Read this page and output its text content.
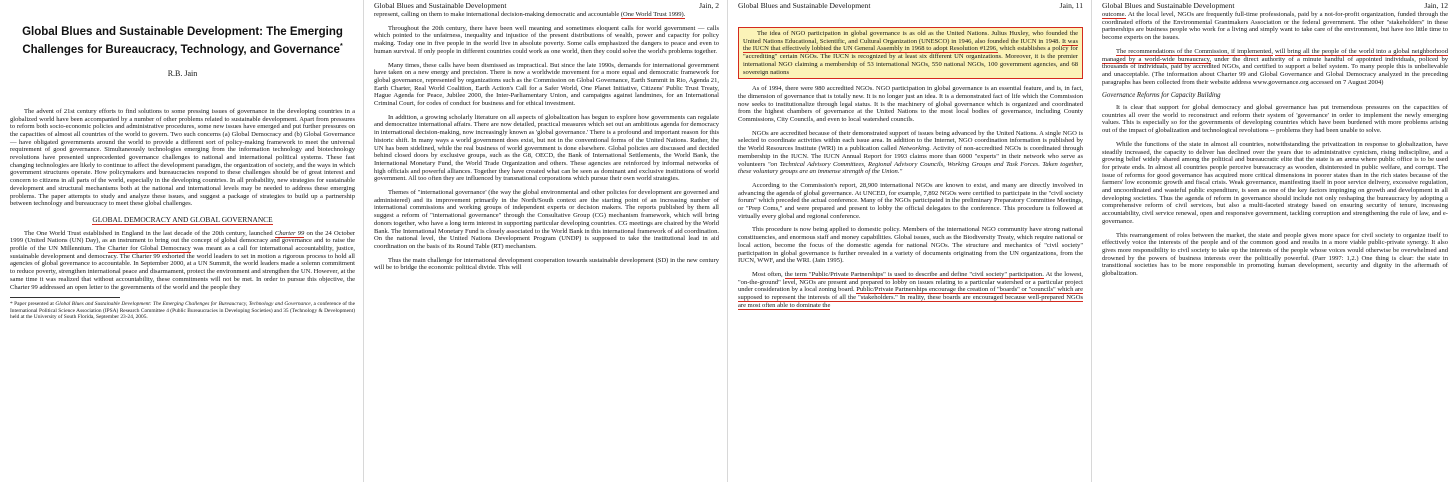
Global Blues and Sustainable Development: The Emerging Challenges for Bureaucracy, Technology, and Governance*
R.B. Jain

The advent of 21st century efforts to find solutions to some pressing issues of governance in the developing countries in a globalized world have been accompanied by a number of other problems related to sustainable development. Apart from pressures to reform both socio-economic policies and administrative procedures, some new issues have emerged and put further pressures on the capacities of almost all countries of the world to govern. Two such concerns (a) Global Democracy and (b) Global Governance — have obligated governments around the world to provide a different sort of policy-making framework to meet the universal requirement of good governance. Simultaneously technologies emerging from the information technology and biotechnology revolutions have presented unprecedented governance challenges to national and international political systems. These fast changing technologies are likely to continue to affect the development paradigm, the organization of society, and the ways in which government structures operate. How policymakers and bureaucracies respond to these challenges should be of great interest and concern to citizens in all parts of the world, especially in the developing countries. In all probability, new strategies for sustainable development and structural mechanisms both at the national and international levels may be needed to address these emerging problems. The paper attempts to study and analyze these issues, and suggest a package of strategies to build up a partnership between technology and bureaucracy to meet these global challenges.

GLOBAL DEMOCRACY AND GLOBAL GOVERNANCE

The One World Trust established in England in the last decade of the 20th century, launched Charter 99 on the 24 October 1999 (United Nations (UN) Day), as an instrument to bring out the concept of global democracy and governance and to raise the profile of the UN Millennium. The Charter for Global Democracy was meant as a call for international accountability, justice, sustainable development and democracy. The Charter 99 exhorted the world leaders to set in motion a rigorous process to hold all agencies of global governance to accountable. In September 2000, at a UN Summit, the world leaders made a solemn commitment to reduce poverty, strengthen international peace and disarmament, protect the environment and strengthen the UN. However, at the same time it was realized that without accountability, these commitments will not be met. In order to pursue this objective, the Charter 99 addressed an open letter to the governments of the world and the people they

* Paper presented at Global Blues and Sustainable Development: The Emerging Challenges for Bureaucracy, Technology and Governance, a conference of the International Political Science Association (IPSA) Research Committee 4 (Public Bureaucracies in Developing Societies) and 35 (Technology & Development) held at the University of South Florida, September 23-24, 2005.
Global Blues and Sustainable Development	Jain, 2

represent, calling on them to make international decision-making democratic and accountable (One World Trust 1999).

Throughout the 20th century, there have been well meaning and sometimes eloquent calls for world government — calls which pointed to the unfairness, inequality and injustice of the present distributions of wealth, power and capacity for policy making. Today one in five people in the world live in absolute poverty. Some calls emphasized the dangers to peace and even to human survival. If only people in different countries could work as one world, then they could solve the world's problems together.

Many times, these calls have been dismissed as impractical. But since the late 1990s, demands for international government have taken on a new energy and precision. There is now a worldwide movement for a more equal and democratic framework for global governance, represented by organizations such as the Commission on Global Governance, Earth Summit in Rio, Agenda 21, Earth Charter, Real World Coalition, Earth Action's Call for a Safer World, One Planet Initiative, Citizens' Public Trust Treaty, Hague Agenda for Peace, Jubilee 2000, the Inter-Parliamentary Union, and campaigns against landmines, for an International Criminal Court, for codes of conduct for business and for ethical investment.

In addition, a growing scholarly literature on all aspects of globalization has begun to explore how governments can regulate and democratize international affairs. There are now detailed, practical measures which set out an ambitious agenda for democracy in international decision-making, now increasingly known as 'global governance.' There is a profound and important reason for this historic shift. In many ways a world government does exist, but not in the conventional forms of the United Nations. Rather, the UN has been sidelined, while the real business of world government is done elsewhere. Global policies are discussed and decided behind closed doors by exclusive groups, such as the G8, OECD, the Bank of International Settlements, the World Bank, the International Monetary Fund, the World Trade Organization and others. These agencies are reinforced by informal networks of high officials and powerful alliances. Together they have created what can be seen as dominant and exclusive institutions of world government. All too often they are influenced by transnational corporations which pursue their own world strategies.

Themes of "international governance' (the way the global environmental and other policies for development are governed and administered) and its improvement primarily in the North/South context are the starting point of an increasing number of international commissions and working groups of independent experts or decision makers. The reports published by them all suggest a reform of "international governance" through the Consultative Group (CG) mechanism framework, which will bring donors together, who have a long term interest in supporting particular developing countries. CG meetings are chaired by the World Bank. The International Monetary Fund is closely associated to the World Bank in this international framework of aid coordination. On the national level, the United Nations Development Program (UNDP) is supposed to take the institutional lead in aid coordination on the basis of its Round Table (RT) mechanism.

Thus the main challenge for international development cooperation towards sustainable development (SD) in the new century will be to bridge the economic political divide. This will

Global Blues and Sustainable Development	Jain, 11

The idea of NGO participation in global governance is as old as the United Nations. Julius Huxley, who founded the United Nations Educational, Scientific, and Cultural Organization (UNESCO) in 1946, also founded the IUCN in 1948. It was the IUCN that effectively lobbied the UN General Assembly in 1968 to adopt Resolution #1296, which establishes a policy for "accrediting" certain NGOs. The IUCN is recognized by at least six different UN organizations. Moreover, it is the premier international NGO claiming a membership of 53 international NGOs, 550 national NGOs, 100 government agencies, and 68 sovereign nations

As of 1994, there were 980 accredited NGOs. NGO participation in global governance is an essential feature, and is, in fact, the dimension of governance that is totally new. It is no longer just an idea. It is a demonstrated fact of life which the Commission now seeks to institutionalize through legal status. It is the machinery of global governance which is organized and coordinated from the highest chambers of governance at the United Nations to the most local bodies of governance, including County Commissions, City Councils, and even to local watershed councils.

NGOs are accredited because of their demonstrated support of issues being advanced by the United Nations. A single NGO is selected to coordinate activities within each issue area. In addition to the Internet, NGO coordination information is published by the World Resources Institute (WRI) in a publication called Networking. Activity of non-accredited NGOs is coordinated through membership in the IUCN. The IUCN Annual Report for 1993 claims more than 6000 "experts" in their network who serve as volunteers "on Technical Advisory Committees, Regional Advisory Councils, Working Groups and Task Forces. Taken together, these voluntary groups are an immense strength of the Union."

According to the Commission's report, 28,900 international NGOs are known to exist, and many are directly involved in advancing the agenda of global governance. At UNCED, for example, 7,892 NGOs were certified to participate in the "civil society forum" which preceded the actual conference. Many of the NGOs participated in the preliminary Preparatory Committee Meetings, or "Prep Coms," and were prepared and present to lobby the official delegates to the conference. This procedure is followed at virtually every global and regional conference.

This procedure is now being applied to domestic policy. Members of the international NGO community have strong national constituencies, and enormous staff and money capabilities. Global issues, such as the Biodiversity Treaty, which require national or local action, become the focus of the domestic agenda for national NGOs. The structure and mechanics of "civil society" participation in global governance is further revealed in a variety of documents originating from the UN organizations, from the IUCN, WWF, and the WRI. (Jain 1995).

Most often, the term "Public/Private Partnerships" is used to describe and define "civil society" participation. At the lowest, "on-the-ground" level, NGOs are present and prepared to lobby on issues relating to a particular watershed or a particular project under consideration by a local zoning board. Public/Private Partnerships encourage the creation of "boards" or "councils" which are supposed to represent the interests of all the "stakeholders." In reality, these boards are encouraged because well-prepared NGOs are most often able to dominate the

Global Blues and Sustainable Development	Jain, 12

outcome. At the local level, NGOs are frequently full-time professionals, paid by a not-for-profit organization, funded through the coordinated efforts of the Environmental Grantmakers Association or the federal government. The other "stakeholders" in these partnerships are business people who work for a living and simply want to take care of the environment, but have too little time to become experts on the issues.

The recommendations of the Commission, if implemented, will bring all the people of the world into a global neighborhood managed by a world-wide bureaucracy, under the direct authority of a minute handful of appointed individuals, policed by thousands of individuals, paid by accredited NGOs, and certified to support a belief system. To many people this is unbelievable and unacceptable. (The information about Charter 99 and Global Governance and Global Democracy analyzed in the preceding paragraphs has been collected from their website address www.governance.org accessed on 7 August 2004)

Governance Reforms for Capacity Building

It is clear that support for global democracy and global governance has put tremendous pressures on the capacities of countries all over the world to reconstruct and reform their system of 'governance' in order to implement the newly emerging values. This is especially so for the governments of developing countries which have been burdened with more problems arising out of the impact of globalization and technological revolutions -- problems they had been unable to solve.

While the functions of the state in almost all countries, notwithstanding the privatization in response to globalization, have steadily increased, the capacity to deliver has declined over the years due to administrative cynicism, rising indiscipline, and a growing belief widely shared among the political and bureaucratic elite that the state is an arena where public office is to be used for private ends. In almost all countries people perceive bureaucracy as wooden, disinterested in public welfare, and corrupt. The issue of reforms for good governance has acquired more critical dimensions in poorer states than in the rich states because of the farmers' low economic growth and fiscal crisis. Weak governance, manifesting itself in poor service delivery, excessive regulation, and uncoordinated and wasteful public expenditure, is seen as one of the key factors impinging on growth and development in all developing societies. Thus the agenda of reform in governance should include not only reshaping the bureaucracy by adopting a comprehensive reform of civil services, but also a multi-faceted strategy based on ensuring security of tenure, increasing accountability, civil service renewal, open and responsive government, tackling corruption and strengthening the rule of law, and e-governance.

This rearrangement of roles between the market, the state and people gives more space for civil society to organize itself to effectively voice the interests of the people and of the common good and results in a more viable public-private synergy. It also gives more responsibility to civil society to take up the interests of the people whose voices would otherwise be overwhelmed and drowned by the powers of business interests over the politically powerful. (Parr 1997: 1,2.) One thing is clear: the state in transitional societies has to be more responsible in promoting human development, security and dignity in the aftermath of globalization.
